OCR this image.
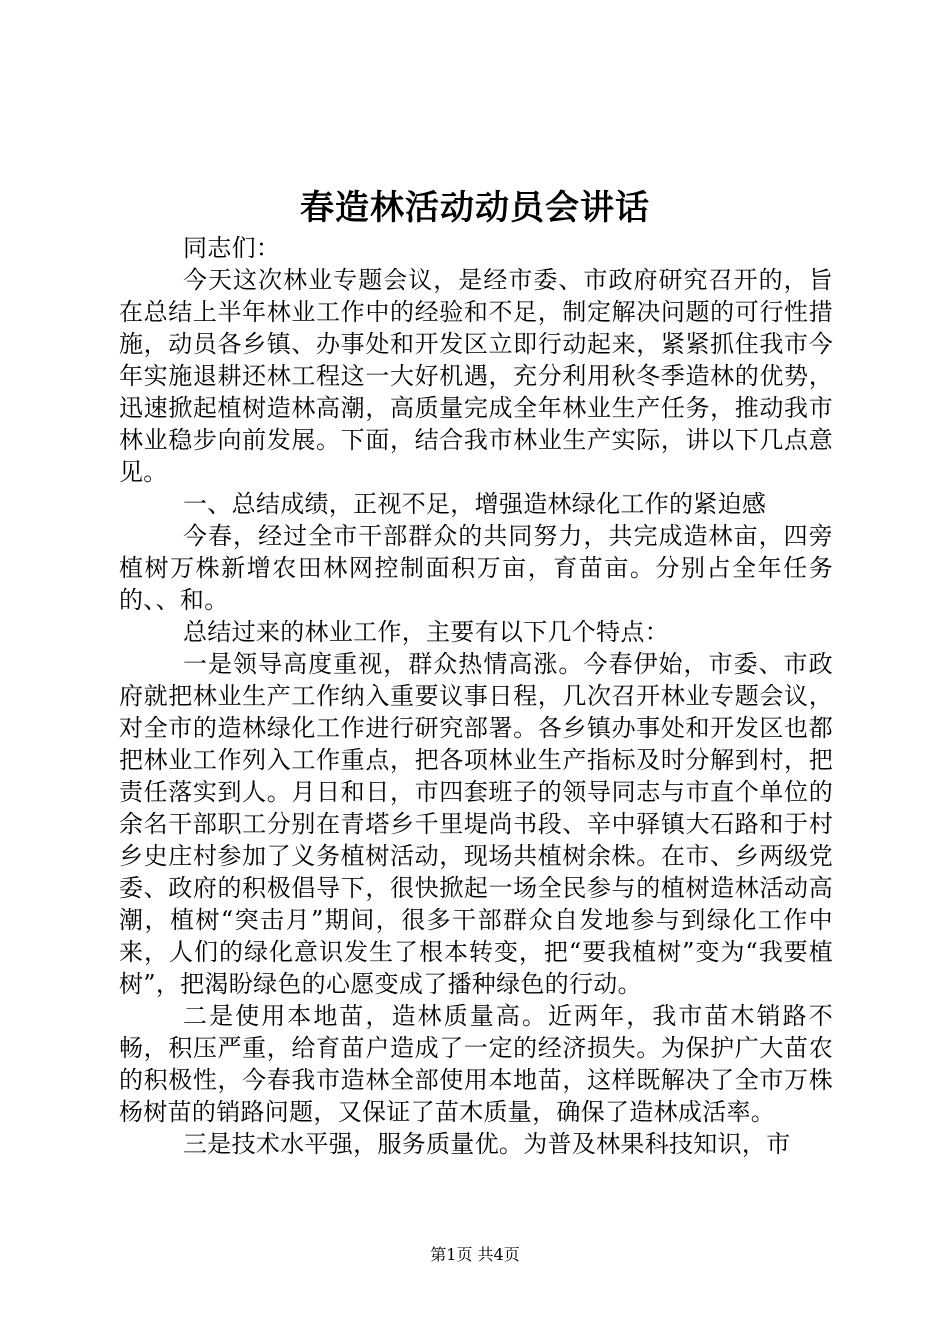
春造林活动动员会讲话

同志们：

今天这次林业专题会议，是经市委、市政府研究召开的，旨在总结上半年林业工作中的经验和不足，制定解决问题的可行性措施，动员各乡镇、办事处和开发区立即行动起来，紧紧抓住我市今年实施退耕还林工程这一大好机遇，充分利用秋冬季造林的优势，迅速掀起植树造林高潮，高质量完成全年林业生产任务，推动我市林业稳步向前发展。下面，结合我市林业生产实际，讲以下几点意见。

一、总结成绩，正视不足，增强造林绿化工作的紧迫感

今春，经过全市干部群众的共同努力，共完成造林亩，四旁植树万株新增农田林网控制面积万亩，育苗亩。分别占全年任务的、、和。

总结过来的林业工作，主要有以下几个特点：

一是领导高度重视，群众热情高涨。今春伊始，市委、市政府就把林业生产工作纳入重要议事日程，几次召开林业专题会议，对全市的造林绿化工作进行研究部署。各乡镇办事处和开发区也都把林业工作列入工作重点，把各项林业生产指标及时分解到村，把责任落实到人。月日和日，市四套班子的领导同志与市直个单位的余名干部职工分别在青塔乡千里堤尚书段、辛中驿镇大石路和于村乡史庄村参加了义务植树活动，现场共植树余株。在市、乡两级党委、政府的积极倡导下，很快掀起一场全民参与的植树造林活动高潮，植树“突击月”期间，很多干部群众自发地参与到绿化工作中来，人们的绿化意识发生了根本转变，把“要我植树”变为“我要植树”，把渴盼绿色的心愿变成了播种绿色的行动。

二是使用本地苗，造林质量高。近两年，我市苗木销路不畅，积压严重，给育苗户造成了一定的经济损失。为保护广大苗农的积极性，今春我市造林全部使用本地苗，这样既解决了全市万株杨树苗的销路问题，又保证了苗木质量，确保了造林成活率。

三是技术水平强，服务质量优。为普及林果科技知识，市

第1页 共4页
